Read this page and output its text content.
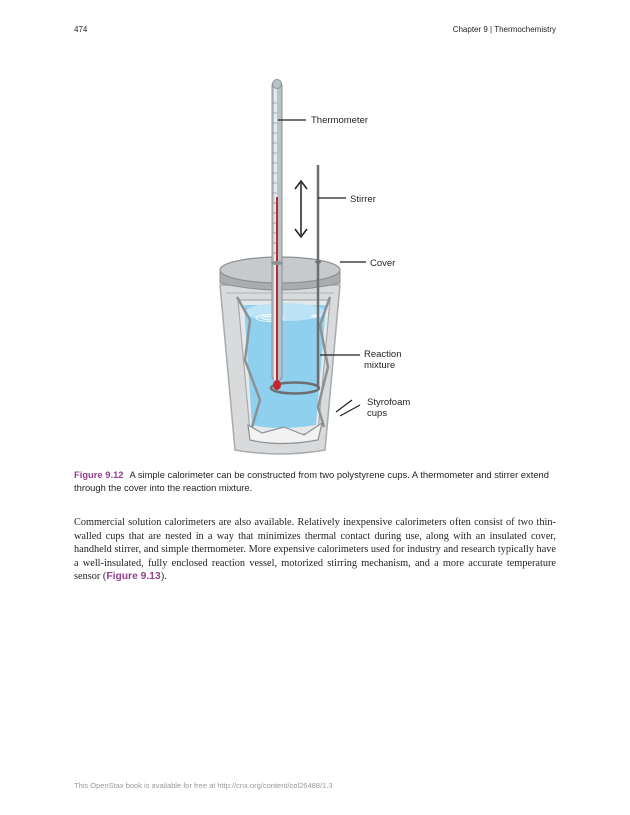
474	Chapter 9 | Thermochemistry
Thermometer
Stirrer
Cover
Reaction
mixture
Styrofoam
cups
Figure 9.12 A simple calorimeter can be constructed from two polystyrene cups. A thermometer and stirrer extend through the cover into the reaction mixture.
Commercial solution calorimeters are also available. Relatively inexpensive calorimeters often consist of two thin-walled cups that are nested in a way that minimizes thermal contact during use, along with an insulated cover, handheld stirrer, and simple thermometer. More expensive calorimeters used for industry and research typically have a well-insulated, fully enclosed reaction vessel, motorized stirring mechanism, and a more accurate temperature sensor (Figure 9.13).
This OpenStax book is available for free at http://cnx.org/content/col26488/1.3
